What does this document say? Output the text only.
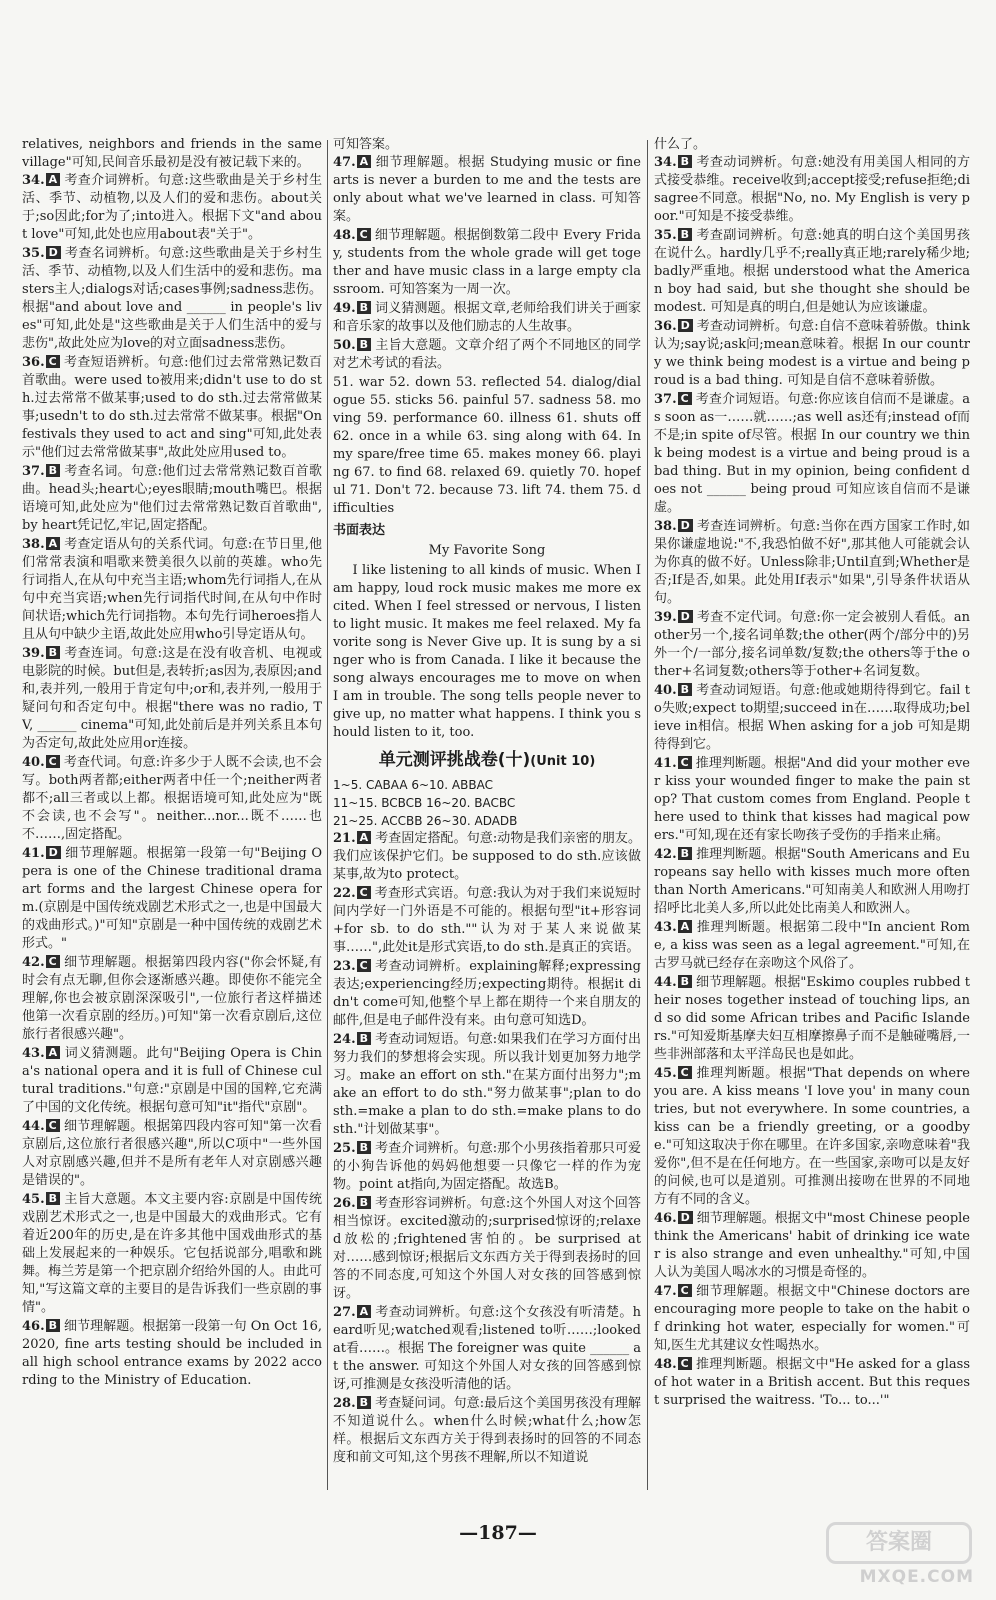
relatives, neighbors and friends in the same village"可知,民间音乐最初是没有被记载下来的。

34. A 考查介词辨析。句意:这些歌曲是关于乡村生活、季节、动植物,以及人们的爱和悲伤。about关于;so因此;for为了;into进入。根据下文"and about love"可知,此处也应用about表"关于"。

35. D 考查名词辨析。句意:这些歌曲是关于乡村生活、季节、动植物,以及人们生活中的爱和悲伤。masters主人;dialogs对话;cases事例;sadness悲伤。根据"and about love and ______ in people's lives"可知,此处是"这些歌曲是关于人们生活中的爱与悲伤",故此处应为love的对立面sadness悲伤。

36. C 考查短语辨析。句意:他们过去常常熟记数百首歌曲。were used to被用来;didn't use to do sth.过去常常不做某事;used to do sth.过去常常做某事;usedn't to do sth.过去常常不做某事。根据"On festivals they used to act and sing"可知,此处表示"他们过去常常做某事",故此处应用used to。

37. B 考查名词。句意:他们过去常常熟记数百首歌曲。head头;heart心;eyes眼睛;mouth嘴巴。根据语境可知,此处应为"他们过去常常熟记数百首歌曲",by heart凭记忆,牢记,固定搭配。

38. A 考查定语从句的关系代词。句意:在节日里,他们常常表演和唱歌来赞美很久以前的英雄。who先行词指人,在从句中充当主语;whom先行词指人,在从句中充当宾语;when先行词指代时间,在从句中作时间状语;which先行词指物。本句先行词heroes指人且从句中缺少主语,故此处应用who引导定语从句。

39. B 考查连词。句意:这是在没有收音机、电视或电影院的时候。but但是,表转折;as因为,表原因;and和,表并列,一般用于肯定句中;or和,表并列,一般用于疑问句和否定句中。根据"there was no radio, TV, ______ cinema"可知,此处前后是并列关系且本句为否定句,故此处应用or连接。

40. C 考查代词。句意:许多少于人既不会读,也不会写。both两者都;either两者中任一个;neither两者都不;all三者或以上都。根据语境可知,此处应为"既不会读,也不会写"。neither...nor...既不……也不……,固定搭配。

41. D 细节理解题。根据第一段第一句"Beijing Opera is one of the Chinese traditional drama art forms and the largest Chinese opera form.(京剧是中国传统戏剧艺术形式之一,也是中国最大的戏曲形式。)"可知"京剧是一种中国传统的戏剧艺术形式。"

42. C 细节理解题。根据第四段内容("你会怀疑,有时会有点无聊,但你会逐渐感兴趣。即使你不能完全理解,你也会被京剧深深吸引",一位旅行者这样描述他第一次看京剧的经历。)可知"第一次看京剧后,这位旅行者很感兴趣"。

43. A 词义猜测题。此句"Beijing Opera is China's national opera and it is full of Chinese cultural traditions."句意:"京剧是中国的国粹,它充满了中国的文化传统。根据句意可知"it"指代"京剧"。

44. C 细节理解题。根据第四段内容可知"第一次看京剧后,这位旅行者很感兴趣",所以C项中"一些外国人对京剧感兴趣,但并不是所有老年人对京剧感兴趣是错误的"。

45. B 主旨大意题。本文主要内容:京剧是中国传统戏剧艺术形式之一,也是中国最大的戏曲形式。它有着近200年的历史,是在许多其他中国戏曲形式的基础上发展起来的一种娱乐。它包括说部分,唱歌和跳舞。梅兰芳是第一个把京剧介绍给外国的人。由此可知,"写这篇文章的主要目的是告诉我们一些京剧的事情"。

46. B 细节理解题。根据第一段第一句 On Oct 16, 2020, fine arts testing should be included in all high school entrance exams by 2022 according to the Ministry of Education.

可知答案。

47. A 细节理解题。根据 Studying music or fine arts is never a burden to me and the tests are only about what we've learned in class. 可知答案。

48. C 细节理解题。根据倒数第二段中 Every Friday, students from the whole grade will get together and have music class in a large empty classroom. 可知答案为一周一次。

49. B 词义猜测题。根据文章,老师给我们讲关于画家和音乐家的故事以及他们励志的人生故事。

50. B 主旨大意题。文章介绍了两个不同地区的同学对艺术考试的看法。

51. war 52. down 53. reflected 54. dialog/dialogue 55. sticks 56. painful 57. sadness 58. moving 59. performance 60. illness 61. shuts off 62. once in a while 63. sing along with 64. In my spare/free time 65. makes money 66. playing 67. to find 68. relaxed 69. quietly 70. hopeful 71. Don't 72. because 73. lift 74. them 75. difficulties

书面表达
My Favorite Song

I like listening to all kinds of music. When I am happy, loud rock music makes me more excited. When I feel stressed or nervous, I listen to light music. It makes me feel relaxed. My favorite song is Never Give up. It is sung by a singer who is from Canada. I like it because the song always encourages me to move on when I am in trouble. The song tells people never to give up, no matter what happens. I think you should listen to it, too.

单元测评挑战卷(十)(Unit 10)

1~5. CABAA 6~10. ABBAC

11~15. BCBCB 16~20. BACBC

21~25. ACCBB 26~30. ADADB

21. A 考查固定搭配。句意:动物是我们亲密的朋友。我们应该保护它们。be supposed to do sth.应该做某事,故为to protect。

22. C 考查形式宾语。句意:我认为对于我们来说短时间内学好一门外语是不可能的。根据句型"it+形容词+for sb. to do sth.""认为对于某人来说做某事……",此处it是形式宾语,to do sth.是真正的宾语。

23. C 考查动词辨析。explaining解释;expressing表达;experiencing经历;expecting期待。根据it didn't come可知,他整个早上都在期待一个来自朋友的邮件,但是电子邮件没有来。由句意可知选D。

24. B 考查动词短语。句意:如果我们在学习方面付出努力我们的梦想将会实现。所以我计划更加努力地学习。make an effort on sth."在某方面付出努力";make an effort to do sth."努力做某事";plan to do sth.=make a plan to do sth.=make plans to do sth."计划做某事"。

25. B 考查介词辨析。句意:那个小男孩指着那只可爱的小狗告诉他的妈妈他想要一只像它一样的作为宠物。point at指向,为固定搭配。故选B。

26. B 考查形容词辨析。句意:这个外国人对这个回答相当惊讶。excited激动的;surprised惊讶的;relaxed放松的;frightened害怕的。be surprised at对……感到惊讶;根据后文东西方关于得到表扬时的回答的不同态度,可知这个外国人对女孩的回答感到惊讶。

27. A 考查动词辨析。句意:这个女孩没有听清楚。heard听见;watched观看;listened to听……;looked at看……。根据 The foreigner was quite ______ at the answer. 可知这个外国人对女孩的回答感到惊讶,可推测是女孩没听清他的话。

28. B 考查疑问词。句意:最后这个美国男孩没有理解不知道说什么。when什么时候;what什么;how怎样。根据后文东西方关于得到表扬时的回答的不同态度和前文可知,这个男孩不理解,所以不知道说

什么了。

34. B 考查动词辨析。句意:她没有用美国人相同的方式接受恭维。receive收到;accept接受;refuse拒绝;disagree不同意。根据"No, no. My English is very poor."可知是不接受恭维。

35. B 考查副词辨析。句意:她真的明白这个美国男孩在说什么。hardly几乎不;really真正地;rarely稀少地;badly严重地。根据 understood what the American boy had said, but she thought she should be modest. 可知是真的明白,但是她认为应该谦虚。

36. D 考查动词辨析。句意:自信不意味着骄傲。think认为;say说;ask问;mean意味着。根据 In our country we think being modest is a virtue and being proud is a bad thing. 可知是自信不意味着骄傲。

37. C 考查介词短语。句意:你应该自信而不是谦虚。as soon as一……就……;as well as还有;instead of而不是;in spite of尽管。根据 In our country we think being modest is a virtue and being proud is a bad thing. But in my opinion, being confident does not ______ being proud 可知应该自信而不是谦虚。

38. D 考查连词辨析。句意:当你在西方国家工作时,如果你谦虚地说:"不,我恐怕做不好",那其他人可能就会认为你真的做不好。Unless除非;Until直到;Whether是否;If是否,如果。此处用If表示"如果",引导条件状语从句。

39. D 考查不定代词。句意:你一定会被别人看低。another另一个,接名词单数;the other(两个/部分中的)另外一个/一部分,接名词单数/复数;the others等于the other+名词复数;others等于other+名词复数。

40. B 考查动词短语。句意:他或她期待得到它。fail to失败;expect to期望;succeed in在……取得成功;believe in相信。根据 When asking for a job 可知是期待得到它。

41. C 推理判断题。根据"And did your mother ever kiss your wounded finger to make the pain stop? That custom comes from England. People there used to think that kisses had magical powers."可知,现在还有家长吻孩子受伤的手指来止痛。

42. B 推理判断题。根据"South Americans and Europeans say hello with kisses much more often than North Americans."可知南美人和欧洲人用吻打招呼比北美人多,所以此处比南美人和欧洲人。

43. A 推理判断题。根据第二段中"In ancient Rome, a kiss was seen as a legal agreement."可知,在古罗马就已经存在亲吻这个风俗了。

44. B 细节理解题。根据"Eskimo couples rubbed their noses together instead of touching lips, and so did some African tribes and Pacific Islanders."可知爱斯基摩夫妇互相摩擦鼻子而不是触碰嘴唇,一些非洲部落和太平洋岛民也是如此。

45. C 推理判断题。根据"That depends on where you are. A kiss means 'I love you' in many countries, but not everywhere. In some countries, a kiss can be a friendly greeting, or a goodbye."可知这取决于你在哪里。在许多国家,亲吻意味着"我爱你",但不是在任何地方。在一些国家,亲吻可以是友好的问候,也可以是道别。可推测出接吻在世界的不同地方有不同的含义。

46. D 细节理解题。根据文中"most Chinese people think the Americans' habit of drinking ice water is also strange and even unhealthy."可知,中国人认为美国人喝冰水的习惯是奇怪的。

47. C 细节理解题。根据文中"Chinese doctors are encouraging more people to take on the habit of drinking hot water, especially for women."可知,医生尤其建议女性喝热水。

48. C 推理判断题。根据文中"He asked for a glass of hot water in a British accent. But this request surprised the waitress. 'To... to...'"

—187—	答案圈
MXQE.COM
